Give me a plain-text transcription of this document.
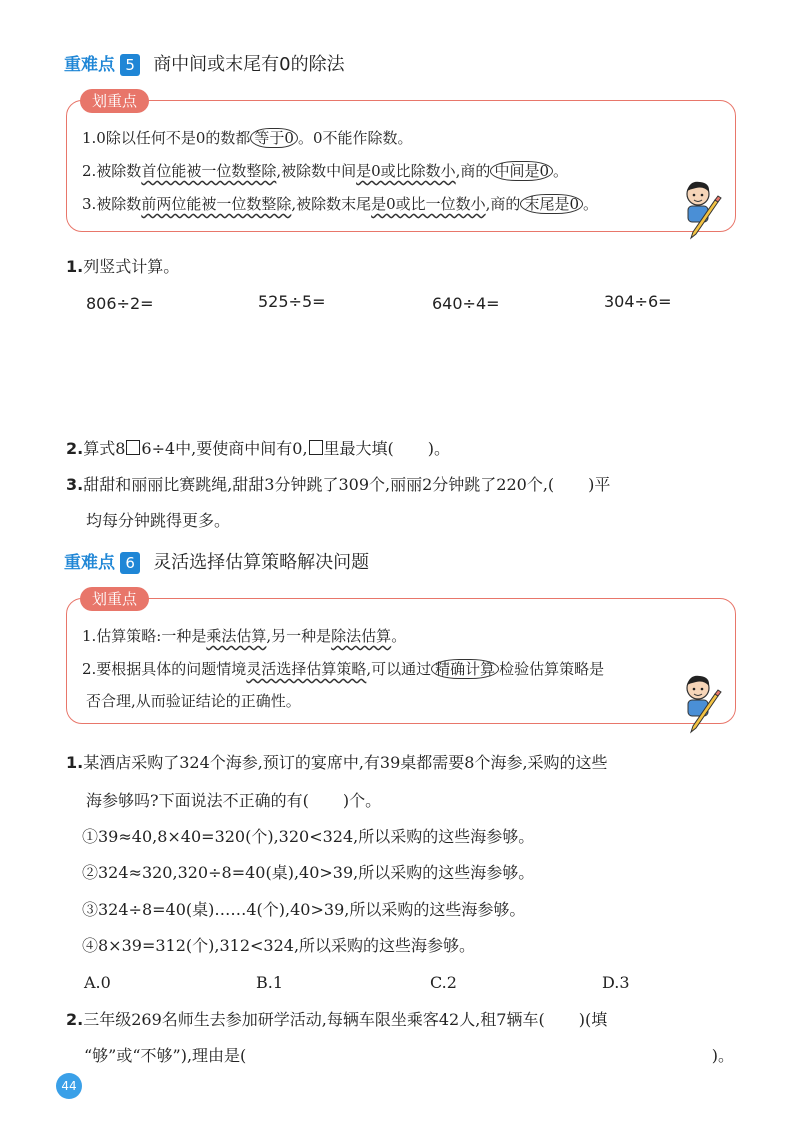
重难点 5 商中间或末尾有0的除法
划重点
1.0除以任何不是0的数都 等于0 。0不能作除数。
2.被除数首位能被一位数整除,被除数中间是0或比除数小,商的 中间是0 。
3.被除数前两位能被一位数整除,被除数末尾是0或比一位数小,商的 末尾是0 。
1.列竖式计算。
806÷2=	525÷5=	640÷4=	304÷6=
2.算式8 6÷4中,要使商中间有0, 里最大填( )。
3.甜甜和丽丽比赛跳绳,甜甜3分钟跳了309个,丽丽2分钟跳了220个,( )平
均每分钟跳得更多。
重难点 6 灵活选择估算策略解决问题
划重点
1.估算策略:一种是乘法估算,另一种是除法估算。
2.要根据具体的问题情境灵活选择估算策略,可以通过 精确计算 检验估算策略是
否合理,从而验证结论的正确性。
1.某酒店采购了324个海参,预订的宴席中,有39桌都需要8个海参,采购的这些
海参够吗?下面说法不正确的有( )个。
①39≈40,8×40=320(个),320<324,所以采购的这些海参够。
②324≈320,320÷8=40(桌),40>39,所以采购的这些海参够。
③324÷8=40(桌)……4(个),40>39,所以采购的这些海参够。
④8×39=312(个),312<324,所以采购的这些海参够。
A.0	B.1	C.2	D.3
2.三年级269名师生去参加研学活动,每辆车限坐乘客42人,租7辆车( )(填
“够”或“不够”),理由是(	)。
44
